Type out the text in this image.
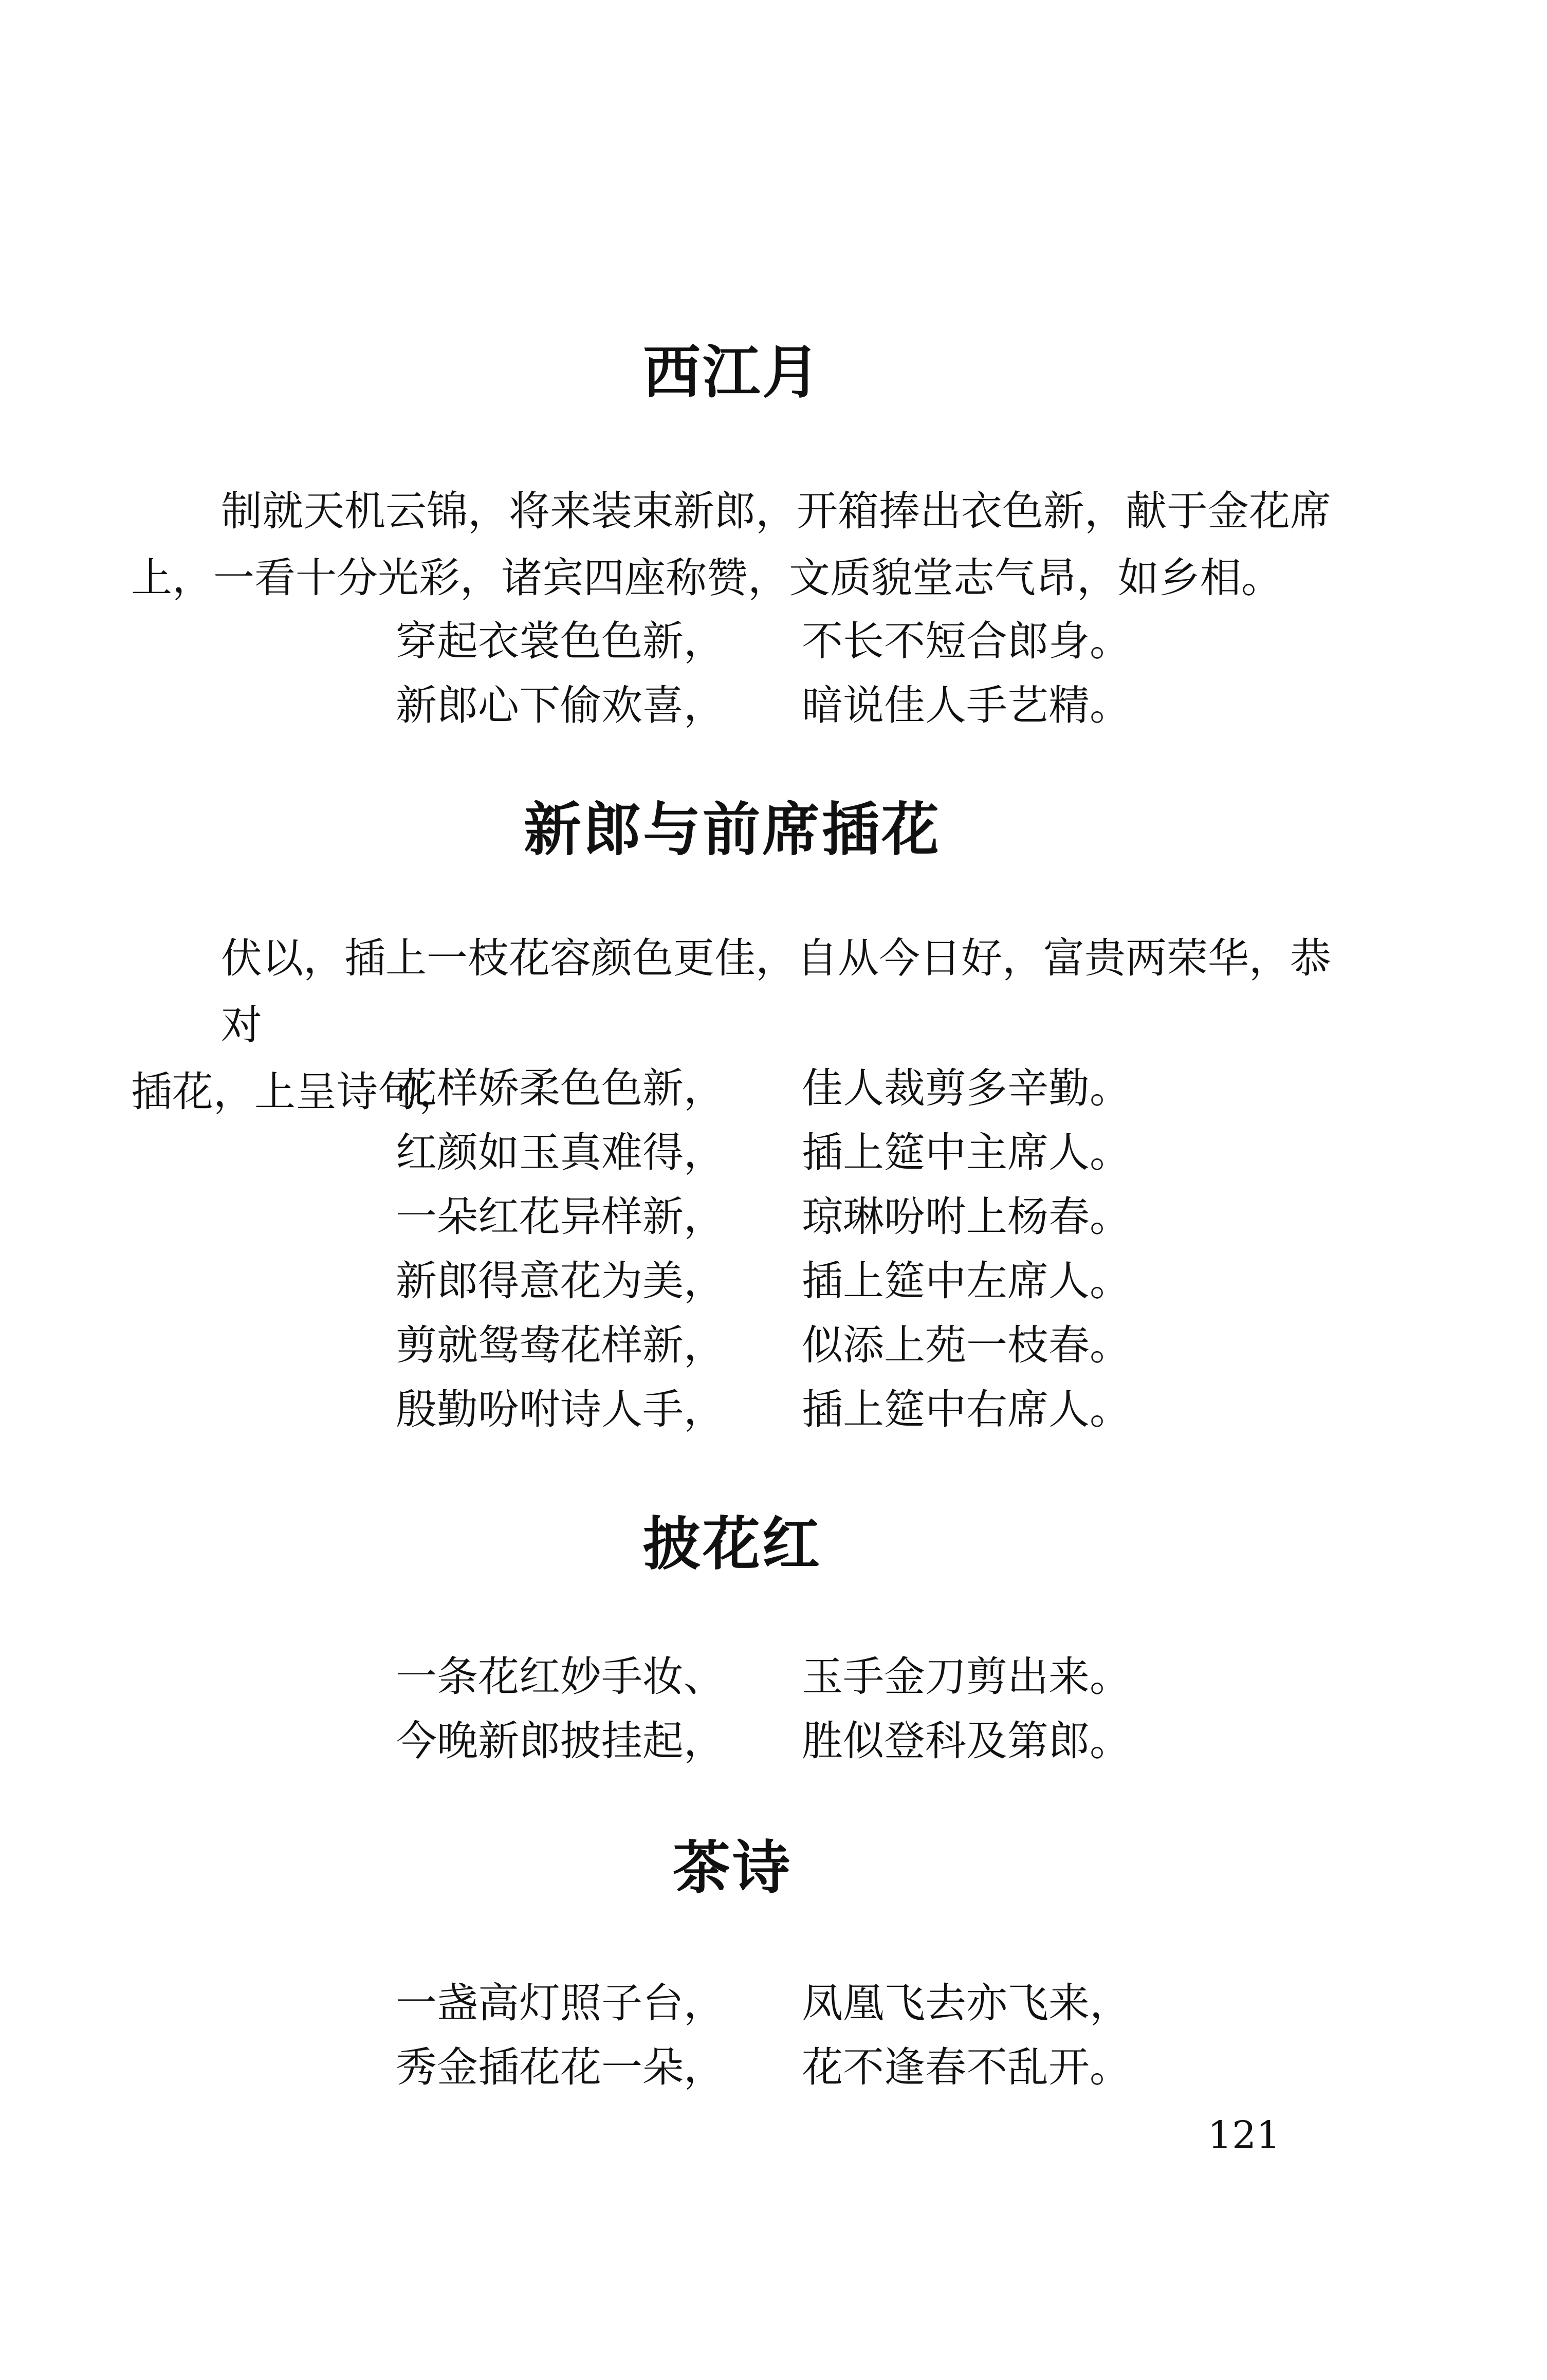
西江月

制就天机云锦，将来装束新郎，开箱捧出衣色新，献于金花席
上，一看十分光彩，诸宾四座称赞，文质貌堂志气昂，如乡相。

穿起衣裳色色新， 不长不短合郎身。
新郎心下偷欢喜， 暗说佳人手艺精。
新郎与前席插花

伏以，插上一枝花容颜色更佳，自从今日好，富贵两荣华，恭对
插花，上呈诗句，

花样娇柔色色新， 佳人裁剪多辛勤。
红颜如玉真难得， 插上筵中主席人。
一朵红花异样新， 琼琳吩咐上杨春。
新郎得意花为美， 插上筵中左席人。
剪就鸳鸯花样新， 似添上苑一枝春。
殷勤吩咐诗人手， 插上筵中右席人。
披花红
一条花红妙手妆、 玉手金刀剪出来。
今晚新郎披挂起， 胜似登科及第郎。
茶诗
一盏高灯照子台， 凤凰飞去亦飞来，
秀金插花花一朵， 花不逢春不乱开。
121
